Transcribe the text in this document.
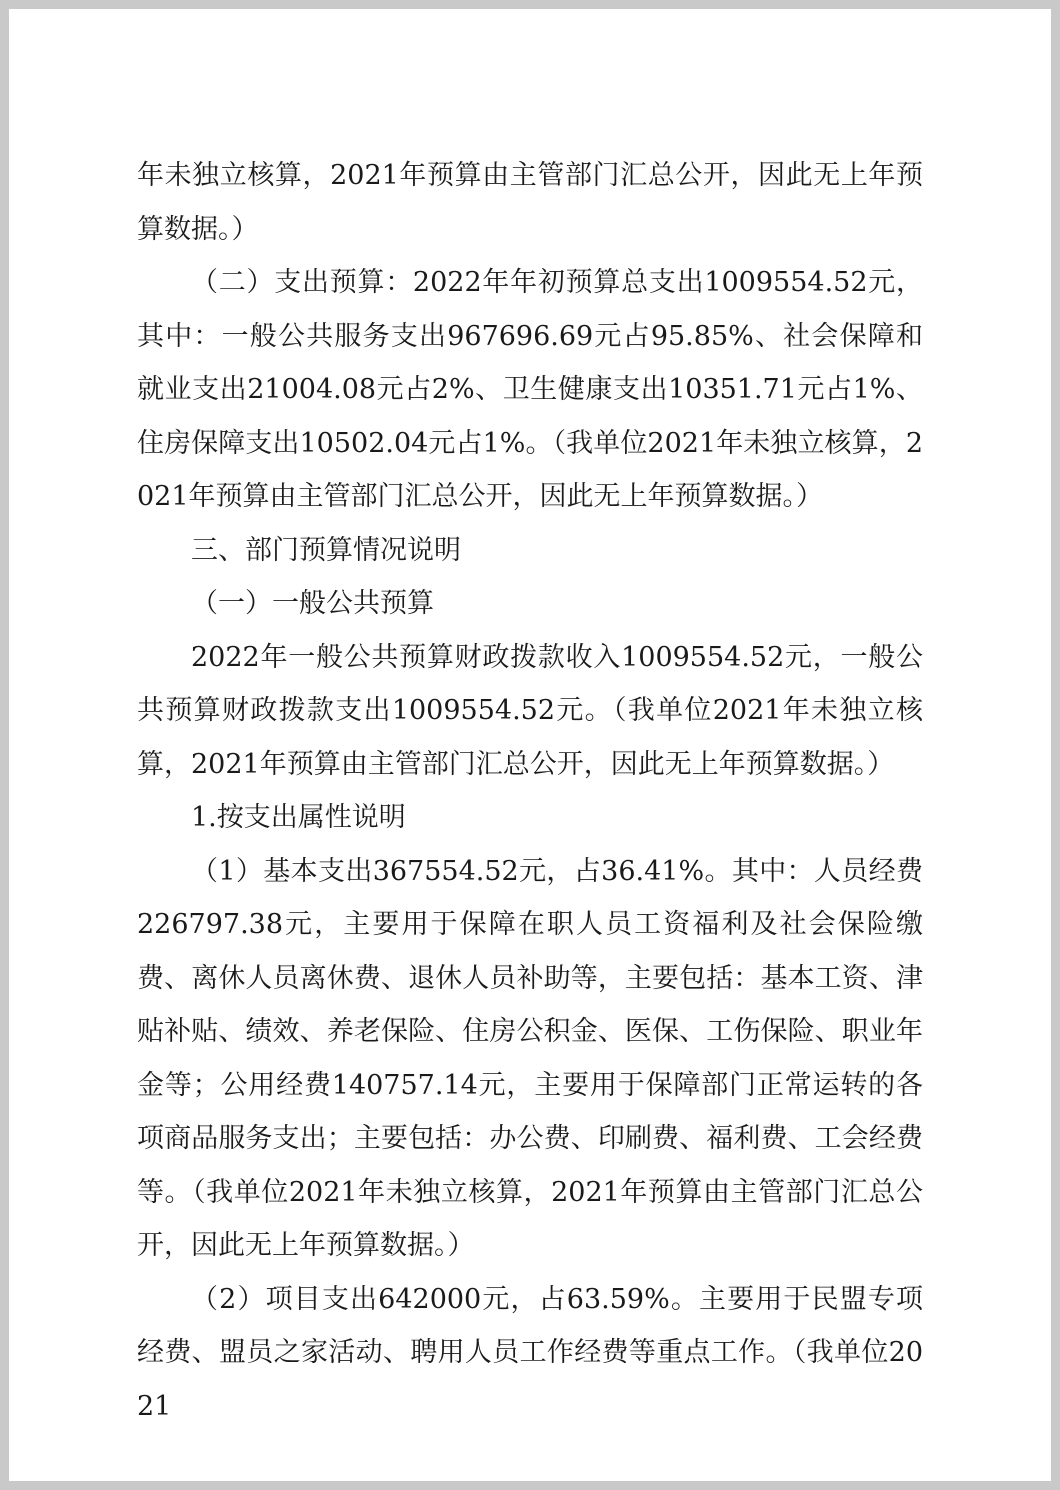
年未独立核算，2021年预算由主管部门汇总公开，因此无上年预算数据。）

（二）支出预算：2022年年初预算总支出1009554.52元，其中：一般公共服务支出967696.69元占95.85%、社会保障和就业支出21004.08元占2%、卫生健康支出10351.71元占1%、住房保障支出10502.04元占1%。（我单位2021年未独立核算，2021年预算由主管部门汇总公开，因此无上年预算数据。）

三、部门预算情况说明

（一）一般公共预算

2022年一般公共预算财政拨款收入1009554.52元，一般公共预算财政拨款支出1009554.52元。（我单位2021年未独立核算，2021年预算由主管部门汇总公开，因此无上年预算数据。）

1.按支出属性说明

（1）基本支出367554.52元，占36.41%。其中：人员经费226797.38元，主要用于保障在职人员工资福利及社会保险缴费、离休人员离休费、退休人员补助等，主要包括：基本工资、津贴补贴、绩效、养老保险、住房公积金、医保、工伤保险、职业年金等；公用经费140757.14元，主要用于保障部门正常运转的各项商品服务支出；主要包括：办公费、印刷费、福利费、工会经费等。（我单位2021年未独立核算，2021年预算由主管部门汇总公开，因此无上年预算数据。）

（2）项目支出642000元，占63.59%。主要用于民盟专项经费、盟员之家活动、聘用人员工作经费等重点工作。（我单位2021
